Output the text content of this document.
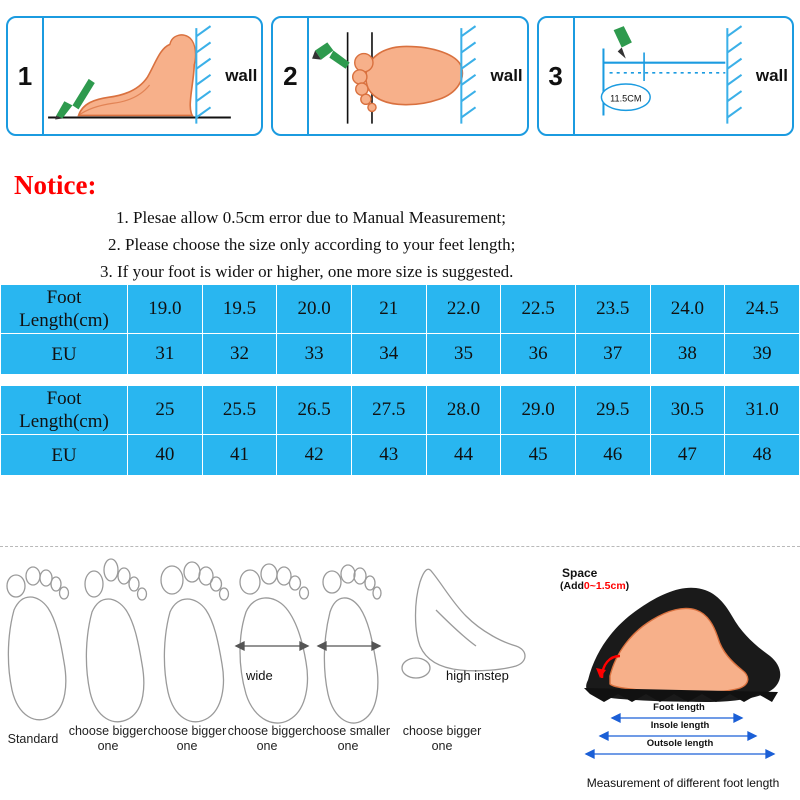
1	wall 2	wall 3
11.5CM
wall
Notice:
1. Plesae allow 0.5cm error due to Manual Measurement;
2. Please choose the size only according to your feet length;
3. If your foot is wider or higher, one more size is suggested.
Foot Length(cm)	19.0	19.5	20.0	21	22.0	22.5	23.5	24.0	24.5
EU	31	32	33	34	35	36	37	38	39
Foot Length(cm)	25	25.5	26.5	27.5	28.0	29.0	29.5	30.5	31.0
EU	40	41	42	43	44	45	46	47	48
wide	high instep
Standard
choose bigger one
choose bigger one
choose bigger one
choose smaller one
choose bigger one
Space
(Add0~1.5cm)
Foot length
Insole length
Outsole length
Measurement of different foot length
